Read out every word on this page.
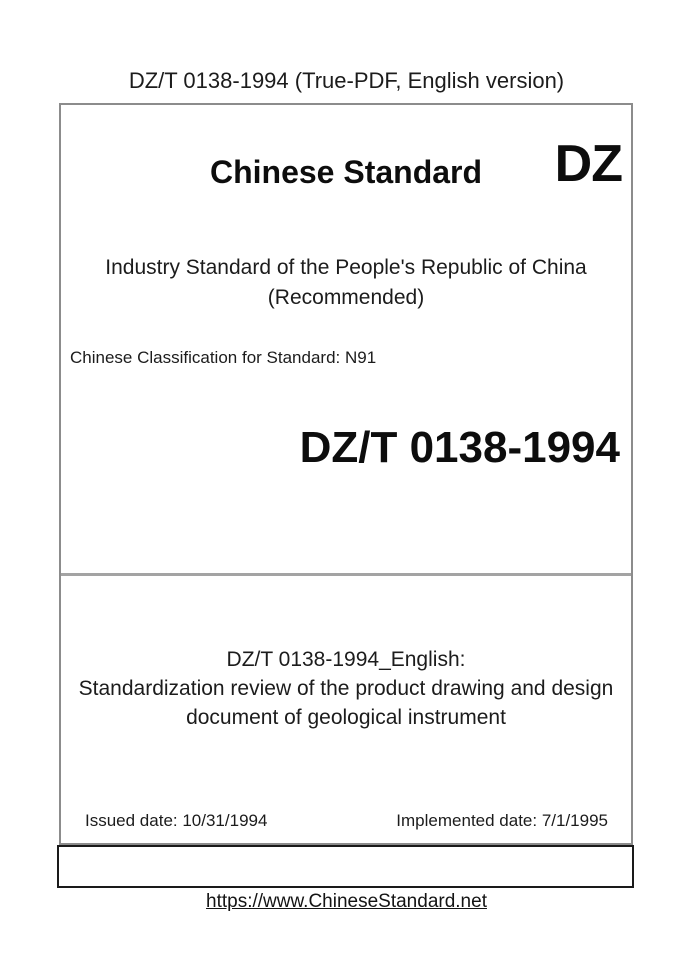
DZ/T 0138-1994 (True-PDF, English version)
Chinese Standard	DZ
Industry Standard of the People's Republic of China
(Recommended)
Chinese Classification for Standard: N91
DZ/T 0138-1994
DZ/T 0138-1994_English:
Standardization review of the product drawing and design
document of geological instrument
Issued date: 10/31/1994	Implemented date: 7/1/1995
https://www.ChineseStandard.net
